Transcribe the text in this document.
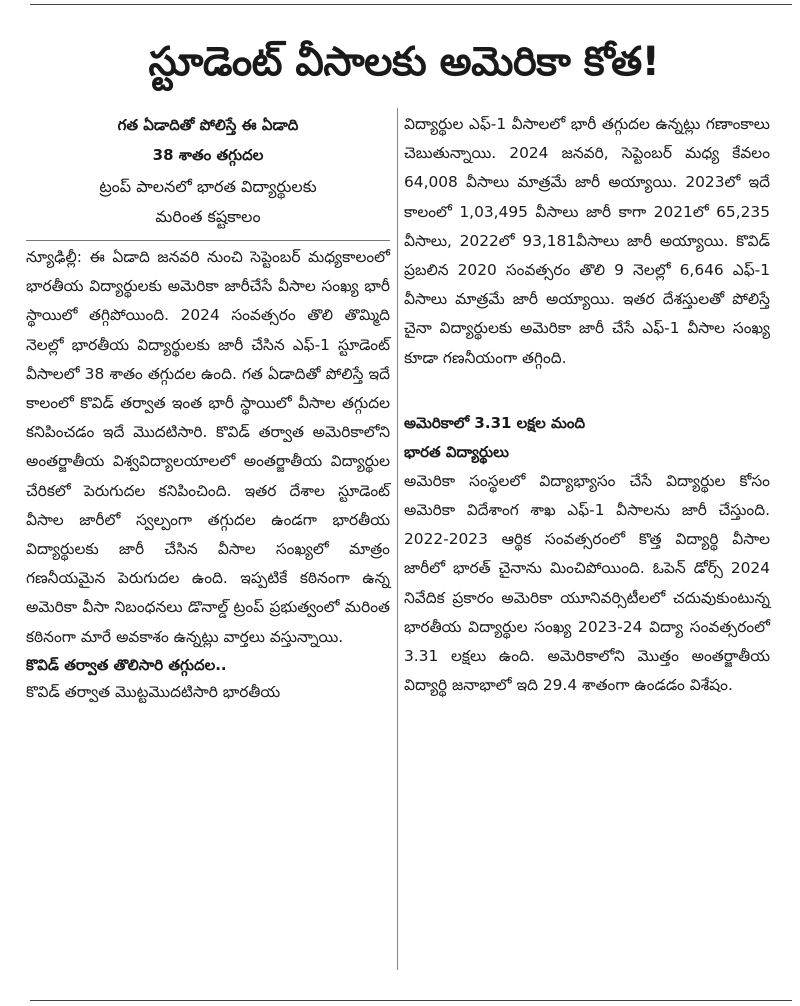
స్టూడెంట్ వీసాలకు అమెరికా కోత!

గత ఏడాదితో పోలిస్తే ఈ ఏడాది

38 శాతం తగ్గుదల

ట్రంప్ పాలనలో భారత విద్యార్థులకు

మరింత కష్టకాలం

న్యూఢిల్లీ: ఈ ఏడాది జనవరి నుంచి సెప్టెంబర్ మధ్యకాలంలో భారతీయ విద్యార్థులకు అమెరికా జారీచేసే వీసాల సంఖ్య భారీ స్థాయిలో తగ్గిపోయింది. 2024 సంవత్సరం తొలి తొమ్మిది నెలల్లో భారతీయ విద్యార్థులకు జారీ చేసిన ఎఫ్-1 స్టూడెంట్ వీసాలలో 38 శాతం తగ్గుదల ఉంది. గత ఏడాదితో పోలిస్తే ఇదే కాలంలో కొవిడ్ తర్వాత ఇంత భారీ స్థాయిలో వీసాల తగ్గుదల కనిపించడం ఇదే మొదటిసారి. కొవిడ్ తర్వాత అమెరికాలోని అంతర్జాతీయ విశ్వవిద్యాలయాలలో అంతర్జాతీయ విద్యార్థుల చేరికలో పెరుగుదల కనిపించింది. ఇతర దేశాల స్టూడెంట్ వీసాల జారీలో స్వల్పంగా తగ్గుదల ఉండగా భారతీయ విద్యార్థులకు జారీ చేసిన వీసాల సంఖ్యలో మాత్రం గణనీయమైన పెరుగుదల ఉంది. ఇప్పటికే కఠినంగా ఉన్న అమెరికా వీసా నిబంధనలు డొనాల్డ్ ట్రంప్ ప్రభుత్వంలో మరింత కఠినంగా మారే అవకాశం ఉన్నట్లు వార్తలు వస్తున్నాయి.

కొవిడ్ తర్వాత తొలిసారి తగ్గుదల..

కొవిడ్ తర్వాత మొట్టమొదటిసారి భారతీయ

విద్యార్థుల ఎఫ్-1 వీసాలలో భారీ తగ్గుదల ఉన్నట్లు గణాంకాలు చెబుతున్నాయి. 2024 జనవరి, సెప్టెంబర్ మధ్య కేవలం 64,008 వీసాలు మాత్రమే జారీ అయ్యాయి. 2023లో ఇదే కాలంలో 1,03,495 వీసాలు జారీ కాగా 2021లో 65,235 వీసాలు, 2022లో 93,181వీసాలు జారీ అయ్యాయి. కొవిడ్ ప్రబలిన 2020 సంవత్సరం తొలి 9 నెలల్లో 6,646 ఎఫ్-1 వీసాలు మాత్రమే జారీ అయ్యాయి. ఇతర దేశస్తులతో పోలిస్తే చైనా విద్యార్థులకు అమెరికా జారీ చేసే ఎఫ్-1 వీసాల సంఖ్య కూడా గణనీయంగా తగ్గింది.

అమెరికాలో 3.31 లక్షల మంది

భారత విద్యార్థులు

అమెరికా సంస్థలలో విద్యాభ్యాసం చేసే విద్యార్థుల కోసం అమెరికా విదేశాంగ శాఖ ఎఫ్-1 వీసాలను జారీ చేస్తుంది. 2022-2023 ఆర్థిక సంవత్సరంలో కొత్త విద్యార్థి వీసాల జారీలో భారత్ చైనాను మించిపోయింది. ఓపెన్ డోర్స్ 2024 నివేదిక ప్రకారం అమెరికా యూనివర్సిటీలలో చదువుకుంటున్న భారతీయ విద్యార్థుల సంఖ్య 2023-24 విద్యా సంవత్సరంలో 3.31 లక్షలు ఉంది. అమెరికాలోని మొత్తం అంతర్జాతీయ విద్యార్థి జనాభాలో ఇది 29.4 శాతంగా ఉండడం విశేషం.
